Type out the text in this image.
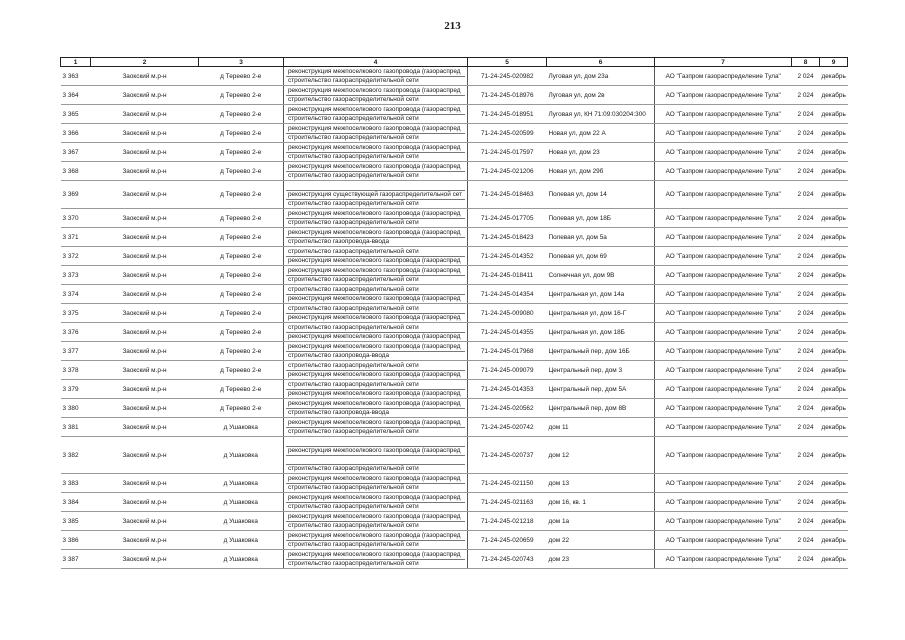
213
1	2	3	4	5	6	7	8	9
3 363	Заокский м.р-н	д Тереево 2-е	реконструкция межпоселкового газопровода (газораспред
строительство газораспределительной сети	71-24-245-020982	Луговая ул, дом 23а	АО "Газпром газораспределение Тула"	2 024	декабрь
3 364	Заокский м.р-н	д Тереево 2-е	реконструкция межпоселкового газопровода (газораспред
строительство газораспределительной сети	71-24-245-018976	Луговая ул, дом 2в	АО "Газпром газораспределение Тула"	2 024	декабрь
3 365	Заокский м.р-н	д Тереево 2-е	реконструкция межпоселкового газопровода (газораспред
строительство газораспределительной сети	71-24-245-018951	Луговая ул, КН 71:09:030204:300	АО "Газпром газораспределение Тула"	2 024	декабрь
3 366	Заокский м.р-н	д Тереево 2-е	реконструкция межпоселкового газопровода (газораспред
строительство газораспределительной сети	71-24-245-020599	Новая ул, дом 22 А	АО "Газпром газораспределение Тула"	2 024	декабрь
3 367	Заокский м.р-н	д Тереево 2-е	реконструкция межпоселкового газопровода (газораспред
строительство газораспределительной сети	71-24-245-017597	Новая ул, дом 23	АО "Газпром газораспределение Тула"	2 024	декабрь
3 368	Заокский м.р-н	д Тереево 2-е	реконструкция межпоселкового газопровода (газораспред
строительство газораспределительной сети	71-24-245-021206	Новая ул, дом 29б	АО "Газпром газораспределение Тула"	2 024	декабрь
3 369	Заокский м.р-н	д Тереево 2-е	реконструкция существующей газораспределительной сет
строительство газораспределительной сети	71-24-245-018463	Полевая ул, дом 14	АО "Газпром газораспределение Тула"	2 024	декабрь
3 370	Заокский м.р-н	д Тереево 2-е	реконструкция межпоселкового газопровода (газораспред
строительство газораспределительной сети	71-24-245-017705	Полевая ул, дом 18Б	АО "Газпром газораспределение Тула"	2 024	декабрь
3 371	Заокский м.р-н	д Тереево 2-е	реконструкция межпоселкового газопровода (газораспред
строительство газопровода-ввода	71-24-245-018423	Полевая ул, дом 5а	АО "Газпром газораспределение Тула"	2 024	декабрь
3 372	Заокский м.р-н	д Тереево 2-е	строительство газораспределительной сети
реконструкция межпоселкового газопровода (газораспред	71-24-245-014352	Полевая ул, дом 69	АО "Газпром газораспределение Тула"	2 024	декабрь
3 373	Заокский м.р-н	д Тереево 2-е	реконструкция межпоселкового газопровода (газораспред
строительство газораспределительной сети	71-24-245-018411	Солнечная ул, дом 9В	АО "Газпром газораспределение Тула"	2 024	декабрь
3 374	Заокский м.р-н	д Тереево 2-е	строительство газораспределительной сети
реконструкция межпоселкового газопровода (газораспред	71-24-245-014354	Центральная ул, дом 14а	АО "Газпром газораспределение Тула"	2 024	декабрь
3 375	Заокский м.р-н	д Тереево 2-е	строительство газораспределительной сети
реконструкция межпоселкового газопровода (газораспред	71-24-245-009080	Центральная ул, дом 16-Г	АО "Газпром газораспределение Тула"	2 024	декабрь
3 376	Заокский м.р-н	д Тереево 2-е	строительство газораспределительной сети
реконструкция межпоселкового газопровода (газораспред	71-24-245-014355	Центральная ул, дом 18Б	АО "Газпром газораспределение Тула"	2 024	декабрь
3 377	Заокский м.р-н	д Тереево 2-е	реконструкция межпоселкового газопровода (газораспред
строительство газопровода-ввода	71-24-245-017968	Центральный пер, дом 16Б	АО "Газпром газораспределение Тула"	2 024	декабрь
3 378	Заокский м.р-н	д Тереево 2-е	строительство газораспределительной сети
реконструкция межпоселкового газопровода (газораспред	71-24-245-009079	Центральный пер, дом 3	АО "Газпром газораспределение Тула"	2 024	декабрь
3 379	Заокский м.р-н	д Тереево 2-е	строительство газораспределительной сети
реконструкция межпоселкового газопровода (газораспред	71-24-245-014353	Центральный пер, дом 5А	АО "Газпром газораспределение Тула"	2 024	декабрь
3 380	Заокский м.р-н	д Тереево 2-е	реконструкция межпоселкового газопровода (газораспред
строительство газопровода-ввода	71-24-245-020562	Центральный пер, дом 8В	АО "Газпром газораспределение Тула"	2 024	декабрь
3 381	Заокский м.р-н	д Ушаковка	реконструкция межпоселкового газопровода (газораспред
строительство газораспределительной сети	71-24-245-020742	дом 11	АО "Газпром газораспределение Тула"	2 024	декабрь
3 382	Заокский м.р-н	д Ушаковка	реконструкция межпоселкового газопровода (газораспред
строительство газораспределительной сети	71-24-245-020737	дом 12	АО "Газпром газораспределение Тула"	2 024	декабрь
3 383	Заокский м.р-н	д Ушаковка	реконструкция межпоселкового газопровода (газораспред
строительство газораспределительной сети	71-24-245-021150	дом 13	АО "Газпром газораспределение Тула"	2 024	декабрь
3 384	Заокский м.р-н	д Ушаковка	реконструкция межпоселкового газопровода (газораспред
строительство газораспределительной сети	71-24-245-021163	дом 16, кв. 1	АО "Газпром газораспределение Тула"	2 024	декабрь
3 385	Заокский м.р-н	д Ушаковка	реконструкция межпоселкового газопровода (газораспред
строительство газораспределительной сети	71-24-245-021218	дом 1а	АО "Газпром газораспределение Тула"	2 024	декабрь
3 386	Заокский м.р-н	д Ушаковка	реконструкция межпоселкового газопровода (газораспред
строительство газораспределительной сети	71-24-245-020659	дом 22	АО "Газпром газораспределение Тула"	2 024	декабрь
3 387	Заокский м.р-н	д Ушаковка	реконструкция межпоселкового газопровода (газораспред
строительство газораспределительной сети	71-24-245-020743	дом 23	АО "Газпром газораспределение Тула"	2 024	декабрь
